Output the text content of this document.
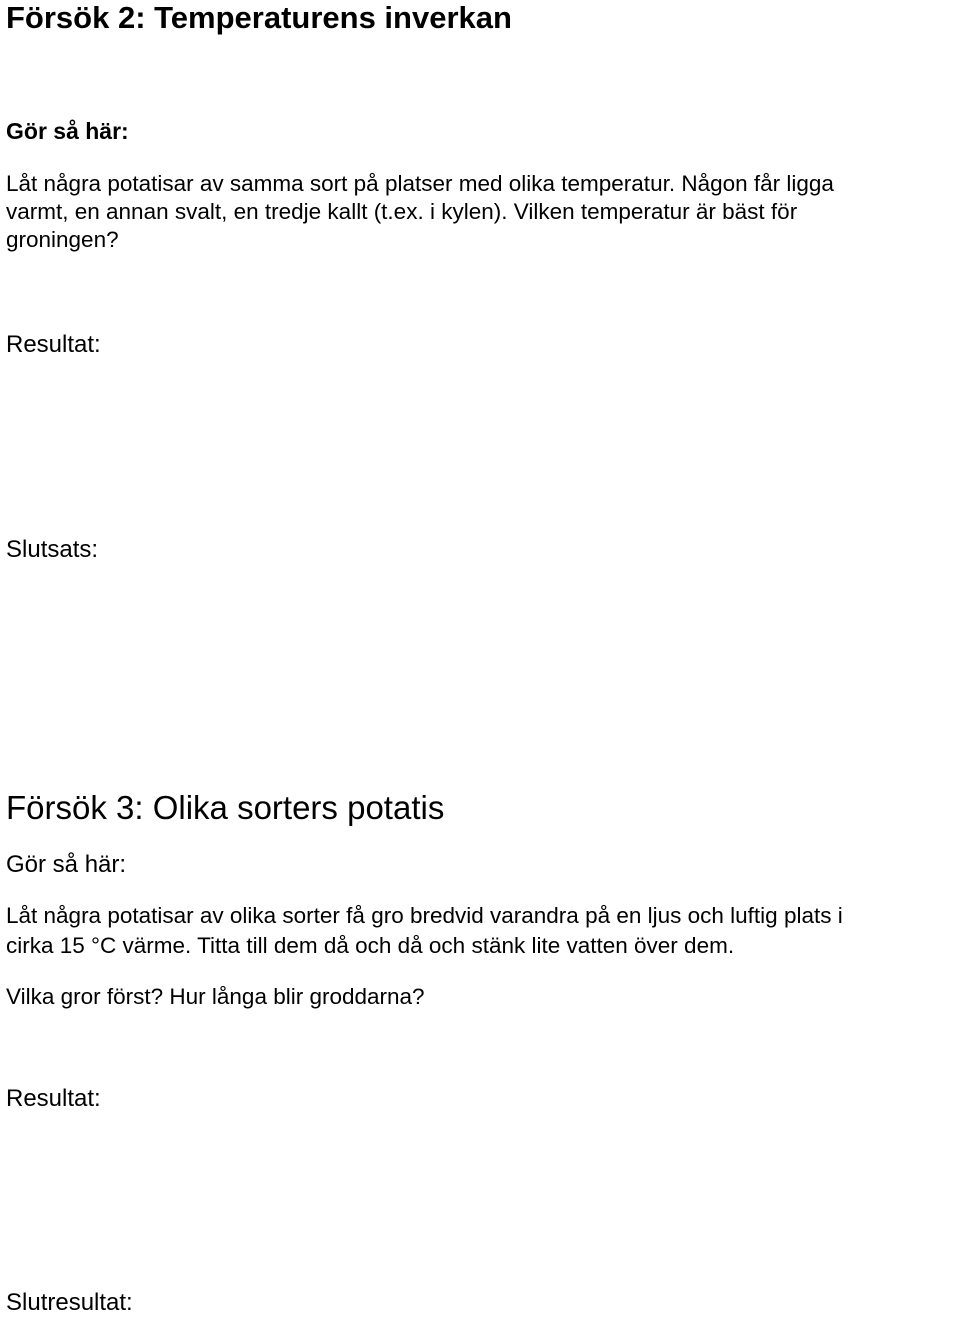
Försök 2: Temperaturens inverkan
Gör så här:
Låt några potatisar av samma sort på platser med olika temperatur. Någon får ligga
varmt, en annan svalt, en tredje kallt (t.ex. i kylen). Vilken temperatur är bäst för
groningen?
Resultat:
Slutsats:
Försök 3: Olika sorters potatis
Gör så här:
Låt några potatisar av olika sorter få gro bredvid varandra på en ljus och luftig plats i
cirka 15 °C värme. Titta till dem då och då och stänk lite vatten över dem.
Vilka gror först? Hur långa blir groddarna?
Resultat:
Slutresultat:
